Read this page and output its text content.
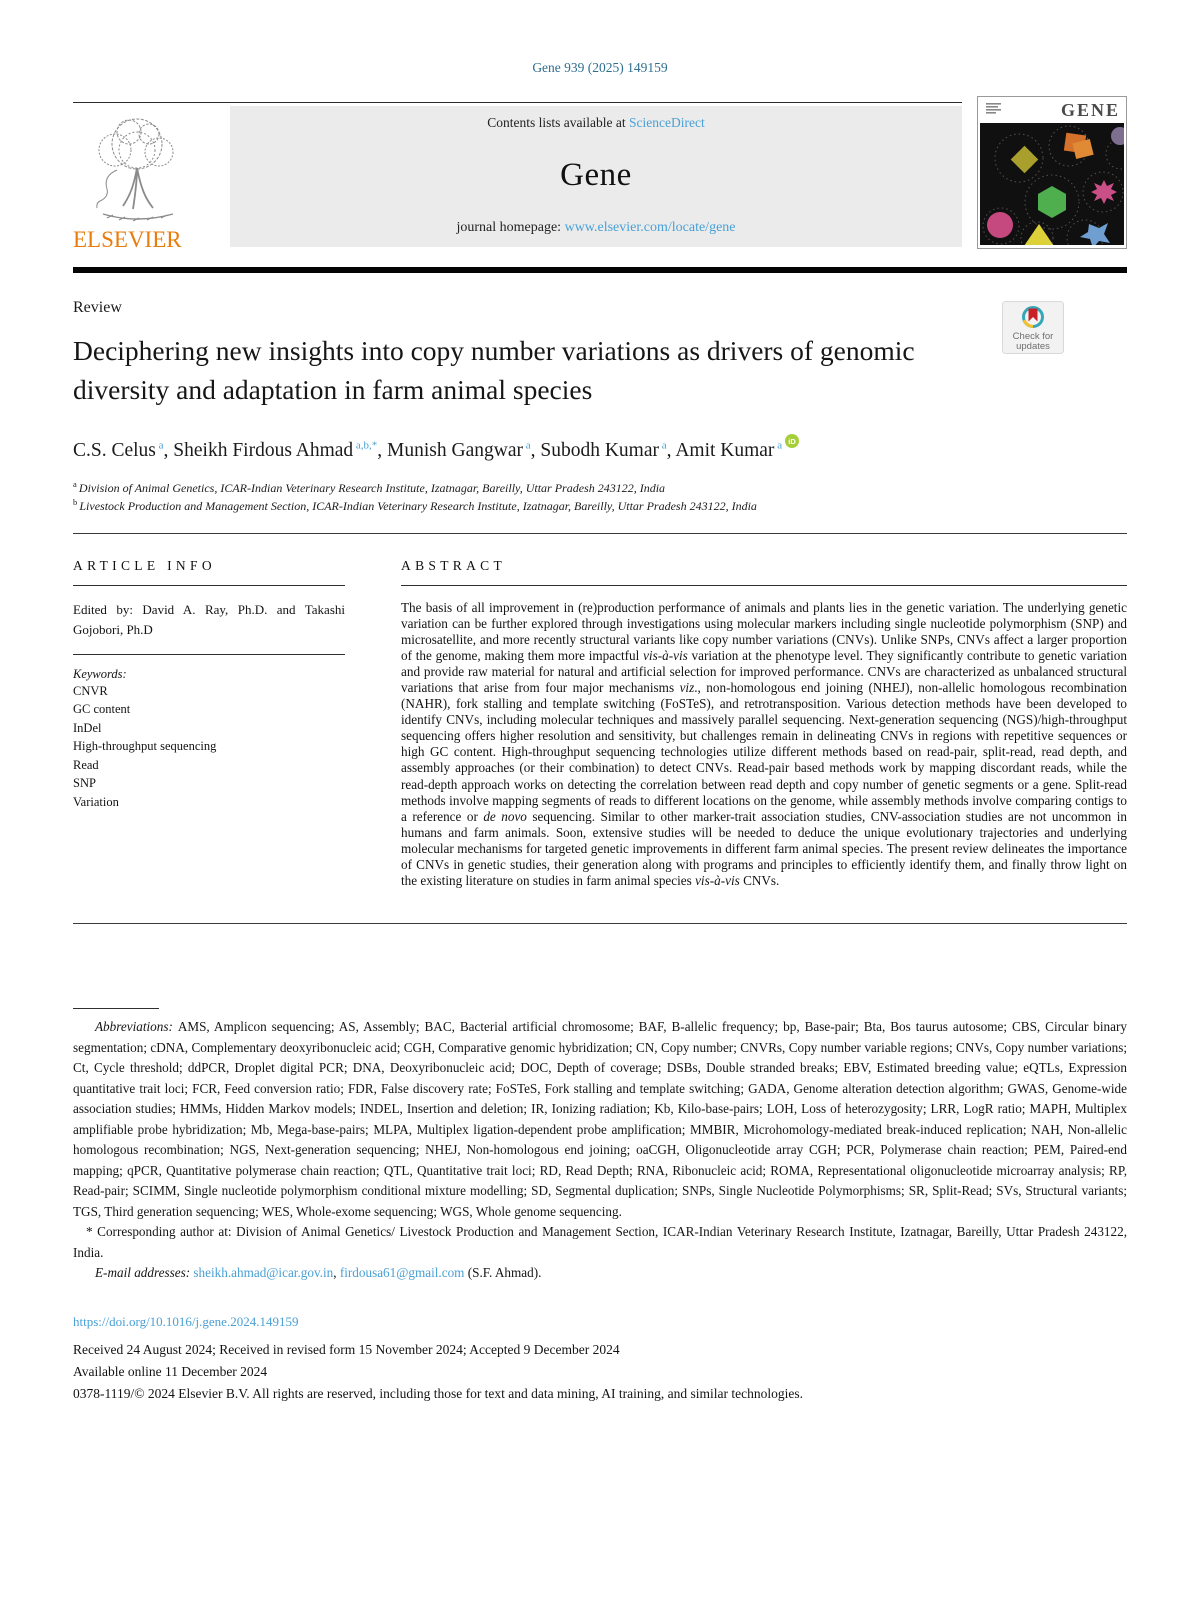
Gene 939 (2025) 149159

ELSEVIER
Contents lists available at ScienceDirect
Gene
journal homepage: www.elsevier.com/locate/gene
GENE
Review
Check for
updates
Deciphering new insights into copy number variations as drivers of genomic diversity and adaptation in farm animal species
C.S. Celus $^a$, Sheikh Firdous Ahmad $^{a,b,*}$, Munish Gangwar $^a$, Subodh Kumar $^a$, Amit Kumar $^a$ iD
$^a$ Division of Animal Genetics, ICAR-Indian Veterinary Research Institute, Izatnagar, Bareilly, Uttar Pradesh 243122, India
$^b$ Livestock Production and Management Section, ICAR-Indian Veterinary Research Institute, Izatnagar, Bareilly, Uttar Pradesh 243122, India
ARTICLE INFO
Edited by: David A. Ray, Ph.D. and Takashi Gojobori, Ph.D
Keywords:
CNVR
GC content
InDel
High-throughput sequencing
Read
SNP
Variation
ABSTRACT
The basis of all improvement in (re)production performance of animals and plants lies in the genetic variation. The underlying genetic variation can be further explored through investigations using molecular markers including single nucleotide polymorphism (SNP) and microsatellite, and more recently structural variants like copy number variations (CNVs). Unlike SNPs, CNVs affect a larger proportion of the genome, making them more impactful vis-à-vis variation at the phenotype level. They significantly contribute to genetic variation and provide raw material for natural and artificial selection for improved performance. CNVs are characterized as unbalanced structural variations that arise from four major mechanisms viz., non-homologous end joining (NHEJ), non-allelic homologous recombination (NAHR), fork stalling and template switching (FoSTeS), and retrotransposition. Various detection methods have been developed to identify CNVs, including molecular techniques and massively parallel sequencing. Next-generation sequencing (NGS)/high-throughput sequencing offers higher resolution and sensitivity, but challenges remain in delineating CNVs in regions with repetitive sequences or high GC content. High-throughput sequencing technologies utilize different methods based on read-pair, split-read, read depth, and assembly approaches (or their combination) to detect CNVs. Read-pair based methods work by mapping discordant reads, while the read-depth approach works on detecting the correlation between read depth and copy number of genetic segments or a gene. Split-read methods involve mapping segments of reads to different locations on the genome, while assembly methods involve comparing contigs to a reference or de novo sequencing. Similar to other marker-trait association studies, CNV-association studies are not uncommon in humans and farm animals. Soon, extensive studies will be needed to deduce the unique evolutionary trajectories and underlying molecular mechanisms for targeted genetic improvements in different farm animal species. The present review delineates the importance of CNVs in genetic studies, their generation along with programs and principles to efficiently identify them, and finally throw light on the existing literature on studies in farm animal species vis-à-vis CNVs.
Abbreviations: AMS, Amplicon sequencing; AS, Assembly; BAC, Bacterial artificial chromosome; BAF, B-allelic frequency; bp, Base-pair; Bta, Bos taurus autosome; CBS, Circular binary segmentation; cDNA, Complementary deoxyribonucleic acid; CGH, Comparative genomic hybridization; CN, Copy number; CNVRs, Copy number variable regions; CNVs, Copy number variations; Ct, Cycle threshold; ddPCR, Droplet digital PCR; DNA, Deoxyribonucleic acid; DOC, Depth of coverage; DSBs, Double stranded breaks; EBV, Estimated breeding value; eQTLs, Expression quantitative trait loci; FCR, Feed conversion ratio; FDR, False discovery rate; FoSTeS, Fork stalling and template switching; GADA, Genome alteration detection algorithm; GWAS, Genome-wide association studies; HMMs, Hidden Markov models; INDEL, Insertion and deletion; IR, Ionizing radiation; Kb, Kilo-base-pairs; LOH, Loss of heterozygosity; LRR, LogR ratio; MAPH, Multiplex amplifiable probe hybridization; Mb, Mega-base-pairs; MLPA, Multiplex ligation-dependent probe amplification; MMBIR, Microhomology-mediated break-induced replication; NAH, Non-allelic homologous recombination; NGS, Next-generation sequencing; NHEJ, Non-homologous end joining; oaCGH, Oligonucleotide array CGH; PCR, Polymerase chain reaction; PEM, Paired-end mapping; qPCR, Quantitative polymerase chain reaction; QTL, Quantitative trait loci; RD, Read Depth; RNA, Ribonucleic acid; ROMA, Representational oligonucleotide microarray analysis; RP, Read-pair; SCIMM, Single nucleotide polymorphism conditional mixture modelling; SD, Segmental duplication; SNPs, Single Nucleotide Polymorphisms; SR, Split-Read; SVs, Structural variants; TGS, Third generation sequencing; WES, Whole-exome sequencing; WGS, Whole genome sequencing.
* Corresponding author at: Division of Animal Genetics/ Livestock Production and Management Section, ICAR-Indian Veterinary Research Institute, Izatnagar, Bareilly, Uttar Pradesh 243122, India.
E-mail addresses: sheikh.ahmad@icar.gov.in, firdousa61@gmail.com (S.F. Ahmad).
https://doi.org/10.1016/j.gene.2024.149159
Received 24 August 2024; Received in revised form 15 November 2024; Accepted 9 December 2024
Available online 11 December 2024
0378-1119/© 2024 Elsevier B.V. All rights are reserved, including those for text and data mining, AI training, and similar technologies.
